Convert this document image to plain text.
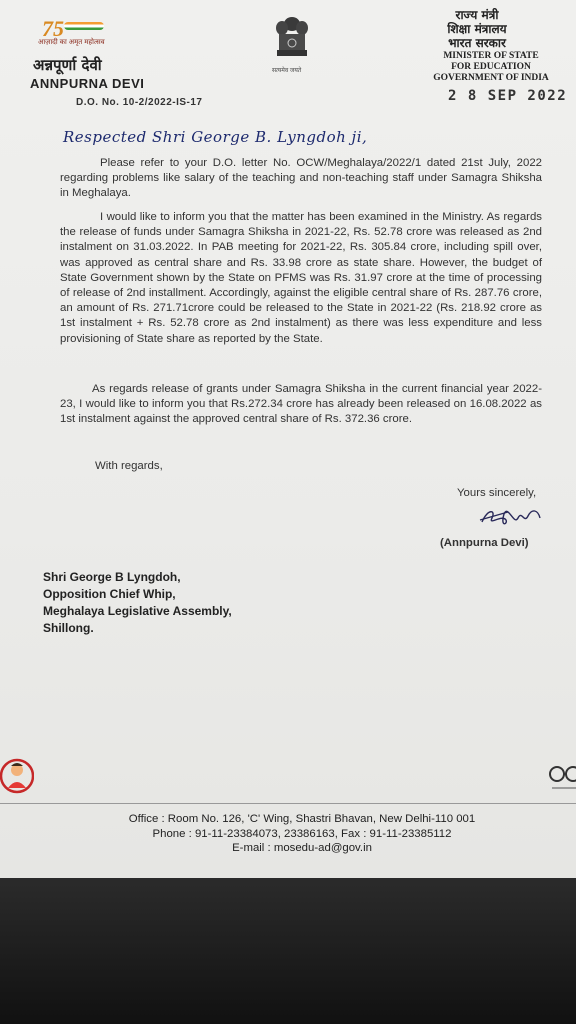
75
आज़ादी का अमृत महोत्सव
अन्नपूर्णा देवी
ANNPURNA DEVI
सत्यमेव जयते
राज्य मंत्री
शिक्षा मंत्रालय
भारत सरकार
MINISTER OF STATE
FOR EDUCATION
GOVERNMENT OF INDIA
2 8 SEP 2022
D.O. No. 10-2/2022-IS-17
Respected Shri George B. Lyngdoh ji,
Please refer to your D.O. letter No. OCW/Meghalaya/2022/1 dated 21st July, 2022 regarding problems like salary of the teaching and non-teaching staff under Samagra Shiksha in Meghalaya.
I would like to inform you that the matter has been examined in the Ministry. As regards the release of funds under Samagra Shiksha in 2021-22, Rs. 52.78 crore was released as 2nd instalment on 31.03.2022. In PAB meeting for 2021-22, Rs. 305.84 crore, including spill over, was approved as central share and Rs. 33.98 crore as state share. However, the budget of State Government shown by the State on PFMS was Rs. 31.97 crore at the time of processing of release of 2nd installment. Accordingly, against the eligible central share of Rs. 287.76 crore, an amount of Rs. 271.71crore could be released to the State in 2021-22 (Rs. 218.92 crore as 1st instalment + Rs. 52.78 crore as 2nd instalment) as there was less expenditure and less provisioning of State share as reported by the State.
As regards release of grants under Samagra Shiksha in the current financial year 2022-23, I would like to inform you that Rs.272.34 crore has already been released on 16.08.2022 as 1st instalment against the approved central share of Rs. 372.36 crore.
With regards,
Yours sincerely,
(Annpurna Devi)
Shri George B Lyngdoh,
Opposition Chief Whip,
Meghalaya Legislative Assembly,
Shillong.
Office : Room No. 126, 'C' Wing, Shastri Bhavan, New Delhi-110 001
Phone : 91-11-23384073, 23386163, Fax : 91-11-23385112
E-mail : mosedu-ad@gov.in
